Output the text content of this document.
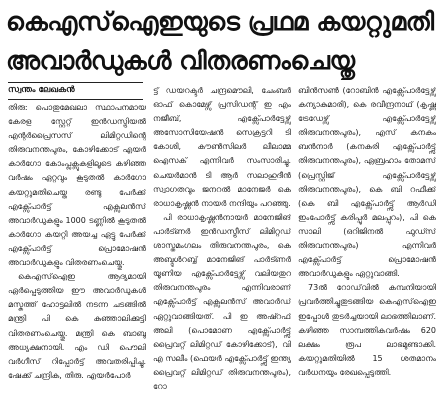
കെഎസ്ഐഇയുടെ പ്രഥമ കയറ്റുമതി
അവാര്‍ഡുകള്‍ വിതരണംചെയ്തു
സ്വന്തം ലേഖകന്‍

തിരു: പൊതുമേഖലാ സ്ഥാപനമായ കേരള സ്റ്റേറ്റ് ഇന്‍ഡസ്ട്രിയല്‍ എന്റര്‍പ്രൈസസ് ലിമിറ്റഡിന്റെ തിരുവനന്തപുരം, കോഴിക്കോട് എയര്‍ കാര്‍ഗോ കോംപ്ലക്സുകളിലൂടെ കഴിഞ്ഞ വര്‍ഷം ഏറ്റവും കൂടുതല്‍ കാര്‍ഗോ കയറ്റുമതിചെയ്ത രണ്ടു പേര്‍ക്ക് എക്സ്പോര്‍ട്ട് എക്സലന്‍സ് അവാര്‍ഡുകളും 1000 ടണ്ണില്‍ കൂടുതല്‍ കാര്‍ഗോ കയറ്റി അയച്ച ഏട്ടു പേര്‍ക്ക് എക്സ്പോര്‍ട്ട് പ്രൊമോഷന്‍ അവാര്‍ഡുകളും വിതരണംചെയ്തു.

കെഎസ്ഐഇ ആദ്യമായി ഏര്‍പ്പെടുത്തിയ ഈ അവാര്‍ഡുകള്‍ മസ്കത്ത് ഹോട്ടലില്‍ നടന്ന ചടങ്ങില്‍ മന്ത്രി പി കെ കുഞ്ഞാലിക്കുട്ടി വിതരണംചെയ്തു. മന്ത്രി കെ ബാബു അധ്യക്ഷനായി. എം ഡി പൌലി വര്‍ഗീസ് റിപ്പോര്‍ട്ട് അവതരിപ്പിച്ചു. ഷേക്ക് ചന്ദ്രിക, തിരു. എയര്‍പോര്‍

ട്ട് ഡയറക്ടര്‍ ചന്ദ്രമൌലി, ചേംബര്‍ ഓഫ് കൊമേഴ്സ് പ്രസിഡന്റ് ഇ എം നജീബ്, എക്സ്പോര്‍ട്ടേഴ്സ് അസോസിയേഷന്‍ സെക്രട്ടറി ടി കോശി, കൗണ്‍സിലര്‍ ലീലാമ്മ ഐസക് എന്നിവര്‍ സംസാരിച്ചു. ചെയര്‍മാന്‍ ടി ആര്‍ സലാഹുദീന്‍ സ്വാഗതവും ജനറല്‍ മാനേജര്‍ കെ രാധാകൃഷ്ണന്‍ നായര്‍ നന്ദിയും പറഞ്ഞു.

പി രാധാകൃഷ്ണന്‍നായര്‍ മാനേജിങ് പാര്‍ട്ണര്‍ ഇന്‍ഡസ്ട്രീസ് ലിമിറ്റഡ് ശാസ്തമംഗലം തിരുവനന്തപുരം, കെ അബ്ദുള്‍റബ്ബ് മാനേജിങ് പാര്‍ട്ണര്‍ യൂണിയ എക്സ്പോര്‍ട്ടേഴ്സ് വലിയതുറ തിരുവനന്തപുരം എന്നിവരാണ് എക്സ്പോര്‍ട്ട് എക്സലന്‍സ് അവാര്‍ഡ് ഏറ്റുവാങ്ങിയത്. പി ഇ അഷ്റഫ് അലി (പൊമോണ എക്സ്പോര്‍ട്ട്സ് പ്രൈവറ്റ് ലിമിറ്റഡ് കോഴിക്കോട്), വി എ സലീം (ഫെയര്‍ എക്സ്പോര്‍ട്ട്സ് ഇന്ത്യ പ്രൈവറ്റ് ലിമിറ്റഡ് തിരുവനന്തപുരം), റോ

ബിന്‍സണ്‍ (റോബിന്‍ എക്സ്പോര്‍ട്ടേഴ്സ് കന്യാകുമാരി), കെ രവീന്ദ്രനാഥ് (കൃഷ്ണ ട്രേഡേഴ്സ് എക്സ്പോര്‍ട്ടേഴ്സ് തിരുവനന്തപുരം), എസ് കനകം ബന്‍നാര്‍ (കനകുരി എക്സ്പോര്‍ട്ട്സ് തിരുവനന്തപുരം), ഏബ്രഹാം തോമസ് (പ്രെസ്റ്റിജ് എക്സ്പോര്‍ട്ടേഴ്സ് തിരുവനന്തപുരം), കെ ബി റഫീക്ക് (കെ ബി എക്സ്പോര്‍ട്ട്സ് ആര്‍ഡി ഇംപോര്‍ട്ട്സ് കരിപ്പൂര്‍ മലപ്പുറം), പി കെ സാലി (ഒറിജിനല്‍ ഫുഡ്സ് തിരുവനന്തപുരം) എന്നിവര്‍ എക്സ്പോര്‍ട്ട് പ്രൊമോഷന്‍ അവാര്‍ഡുകളും ഏറ്റുവാങ്ങി.

73ല്‍ റോഡ്‌വില്‍ കമ്പനിയായി പ്രവര്‍ത്തിച്ചുതുടങ്ങിയ കെഎസ്ഐഇ ഇപ്പോള്‍ തുടര്‍ച്ചയായി ലാഭത്തിലാണ്. കഴിഞ്ഞ സാമ്പത്തികവര്‍ഷം 620 ലക്ഷം രൂപ ലാഭമുണ്ടാക്കി. കയറ്റുമതിയില്‍ 15 ശതമാനം വര്‍ധനയും രേഖപ്പെടുത്തി.
